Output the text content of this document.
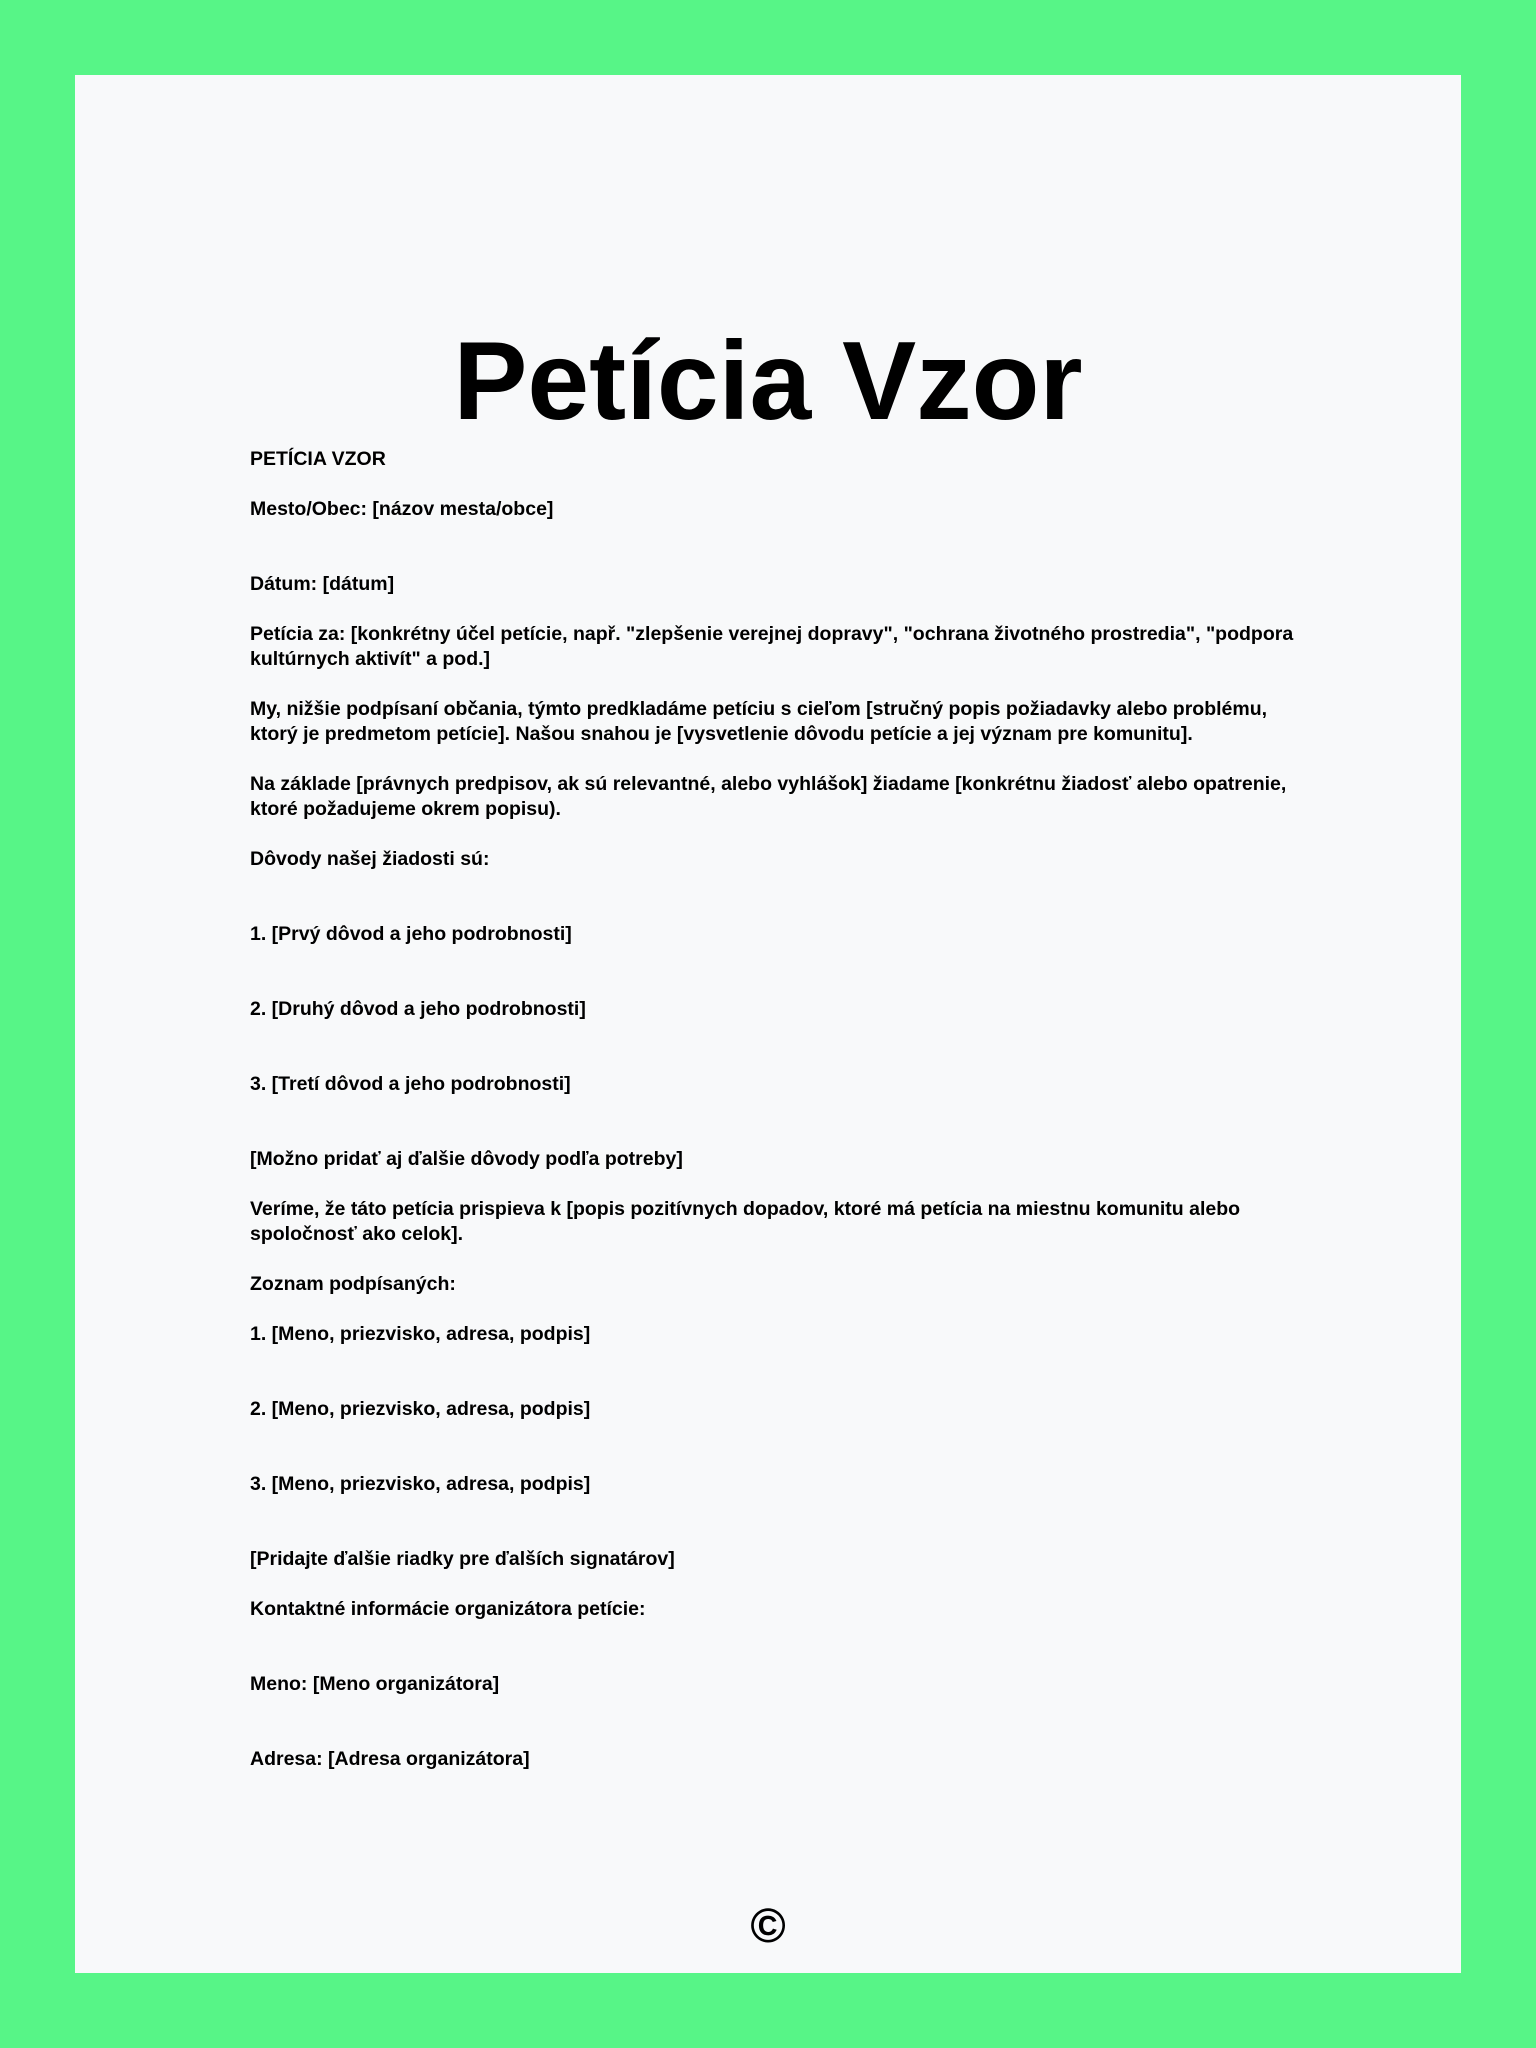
Petícia Vzor

PETÍCIA VZOR

Mesto/Obec: [názov mesta/obce]

Dátum: [dátum]

Petícia za: [konkrétny účel petície, např. "zlepšenie verejnej dopravy", "ochrana životného prostredia", "podpora kultúrnych aktivít" a pod.]

My, nižšie podpísaní občania, týmto predkladáme petíciu s cieľom [stručný popis požiadavky alebo problému, ktorý je predmetom petície]. Našou snahou je [vysvetlenie dôvodu petície a jej význam pre komunitu].

Na základe [právnych predpisov, ak sú relevantné, alebo vyhlášok] žiadame [konkrétnu žiadosť alebo opatrenie, ktoré požadujeme okrem popisu).

Dôvody našej žiadosti sú:

1. [Prvý dôvod a jeho podrobnosti]

2. [Druhý dôvod a jeho podrobnosti]

3. [Tretí dôvod a jeho podrobnosti]

[Možno pridať aj ďalšie dôvody podľa potreby]

Veríme, že táto petícia prispieva k [popis pozitívnych dopadov, ktoré má petícia na miestnu komunitu alebo spoločnosť ako celok].

Zoznam podpísaných:

1. [Meno, priezvisko, adresa, podpis]

2. [Meno, priezvisko, adresa, podpis]

3. [Meno, priezvisko, adresa, podpis]

[Pridajte ďalšie riadky pre ďalších signatárov]

Kontaktné informácie organizátora petície:

Meno: [Meno organizátora]

Adresa: [Adresa organizátora]

©
